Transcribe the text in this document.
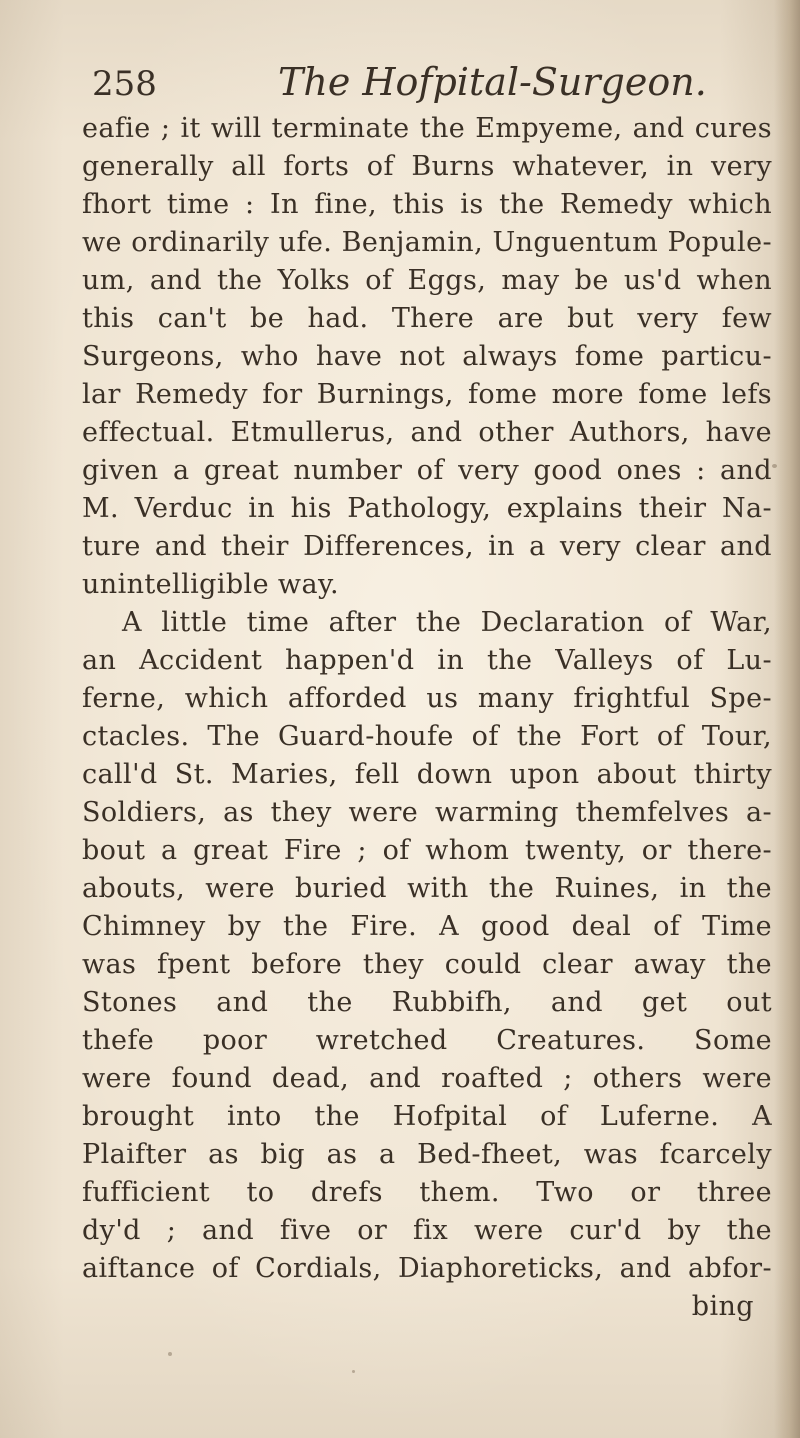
258	The Hofpital-Surgeon.
eafie ; it will terminate the Empyeme, and cures
generally all forts of Burns whatever, in very
fhort time : In fine, this is the Remedy which
we ordinarily ufe. Benjamin, Unguentum Popule-
um, and the Yolks of Eggs, may be us'd when
this can't be had. There are but very few
Surgeons, who have not always fome particu-
lar Remedy for Burnings, fome more fome lefs
effectual. Etmullerus, and other Authors, have
given a great number of very good ones : and
M. Verduc in his Pathology, explains their Na-
ture and their Differences, in a very clear and
unintelligible way.
A little time after the Declaration of War,
an Accident happen'd in the Valleys of Lu-
ferne, which afforded us many frightful Spe-
ctacles. The Guard-houfe of the Fort of Tour,
call'd St. Maries, fell down upon about thirty
Soldiers, as they were warming themfelves a-
bout a great Fire ; of whom twenty, or there-
abouts, were buried with the Ruines, in the
Chimney by the Fire. A good deal of Time
was fpent before they could clear away the
Stones and the Rubbifh, and get out
thefe poor wretched Creatures. Some
were found dead, and roafted ; others were
brought into the Hofpital of Luferne. A
Plaifter as big as a Bed-fheet, was fcarcely
fufficient to drefs them. Two or three
dy'd ; and five or fix were cur'd by the
aiftance of Cordials, Diaphoreticks, and abfor-
bing
